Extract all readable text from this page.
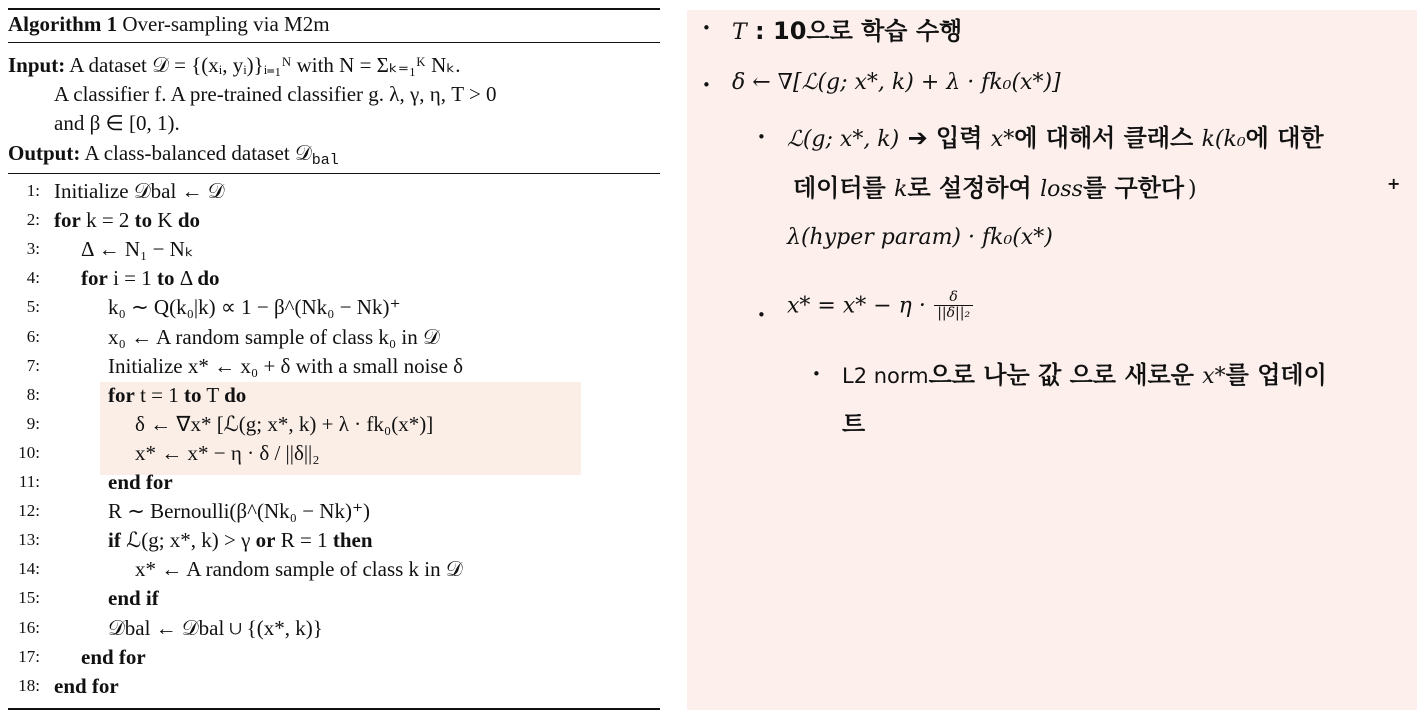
Algorithm 1 Over-sampling via M2m
Input: A dataset 𝒟 = {(xᵢ, yᵢ)}ᵢ₌₁ᴺ with N = Σₖ₌₁ᴷ Nₖ.
A classifier f. A pre-trained classifier g. λ, γ, η, T > 0
and β ∈ [0, 1).
Output: A class-balanced dataset 𝒟$_{bal}$
1: Initialize 𝒟bal ← 𝒟
2: for k = 2 to K do
3: Δ ← N₁ − Nₖ
4: for i = 1 to Δ do
5:	k₀ ∼ Q(k₀|k) ∝ 1 − β^(Nk₀ − Nk)⁺
6:	x₀ ← A random sample of class k₀ in 𝒟
7:	Initialize x* ← x₀ + δ with a small noise δ
8:	for t = 1 to T do
9:	δ ← ∇x* [ℒ(g; x*, k) + λ · fk₀(x*)]
10:	x* ← x* − η · δ / ||δ||₂
11:	end for
12:	R ∼ Bernoulli(β^(Nk₀ − Nk)⁺)
13:	if ℒ(g; x*, k) > γ or R = 1 then
14:	x* ← A random sample of class k in 𝒟
15:	end if
16:	𝒟bal ← 𝒟bal ∪ {(x*, k)}
17: end for
18: end for
• T : 10으로 학습 수행
• δ ← ∇[ℒ(g; x*, k) + λ · fk₀(x*)]
• ℒ(g; x*, k) ➔ 입력 x*에 대해서 클래스 k(k₀에 대한
데이터를 k로 설정하여 loss를 구한다 )	+
λ(hyper param) · fk₀(x*)
• $x* = x* - \eta \cdot \frac{\delta}{\text{||δ||₂}}$
• L2 norm으로 나눈 값 으로 새로운 x*를 업데이
트
